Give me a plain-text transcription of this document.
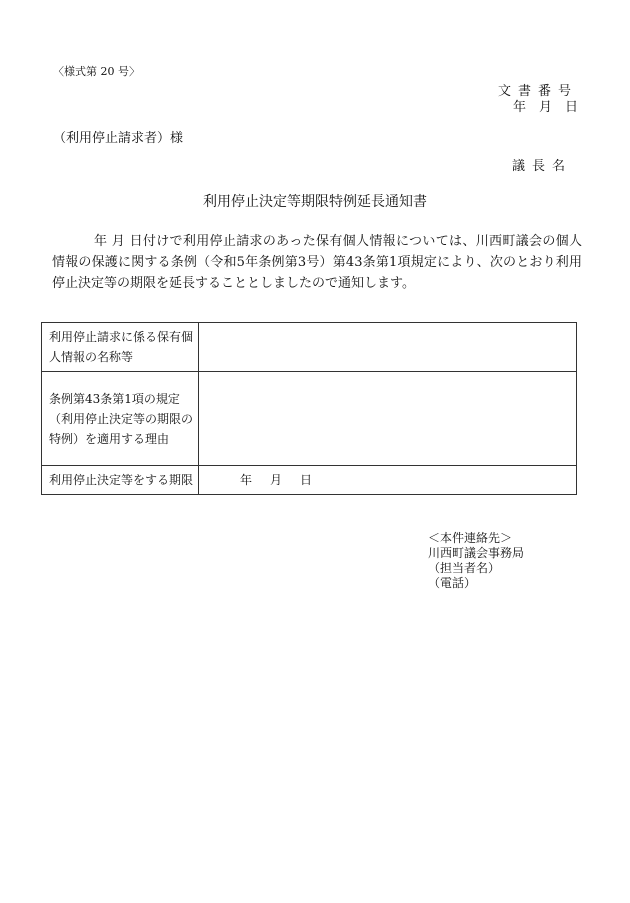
〈様式第 20 号〉
文書番号
年 月 日
（利用停止請求者）様
議長名
利用停止決定等期限特例延長通知書
年 月 日付けで利用停止請求のあった保有個人情報については、川西町議会の個人情報の保護に関する条例（令和5年条例第3号）第43条第1項規定により、次のとおり利用停止決定等の期限を延長することとしましたので通知します。
利用停止請求に係る保有個人情報の名称等	
条例第43条第1項の規定（利用停止決定等の期限の特例）を適用する理由	
利用停止決定等をする期限	年 月 日
＜本件連絡先＞
川西町議会事務局
（担当者名）
（電話）
